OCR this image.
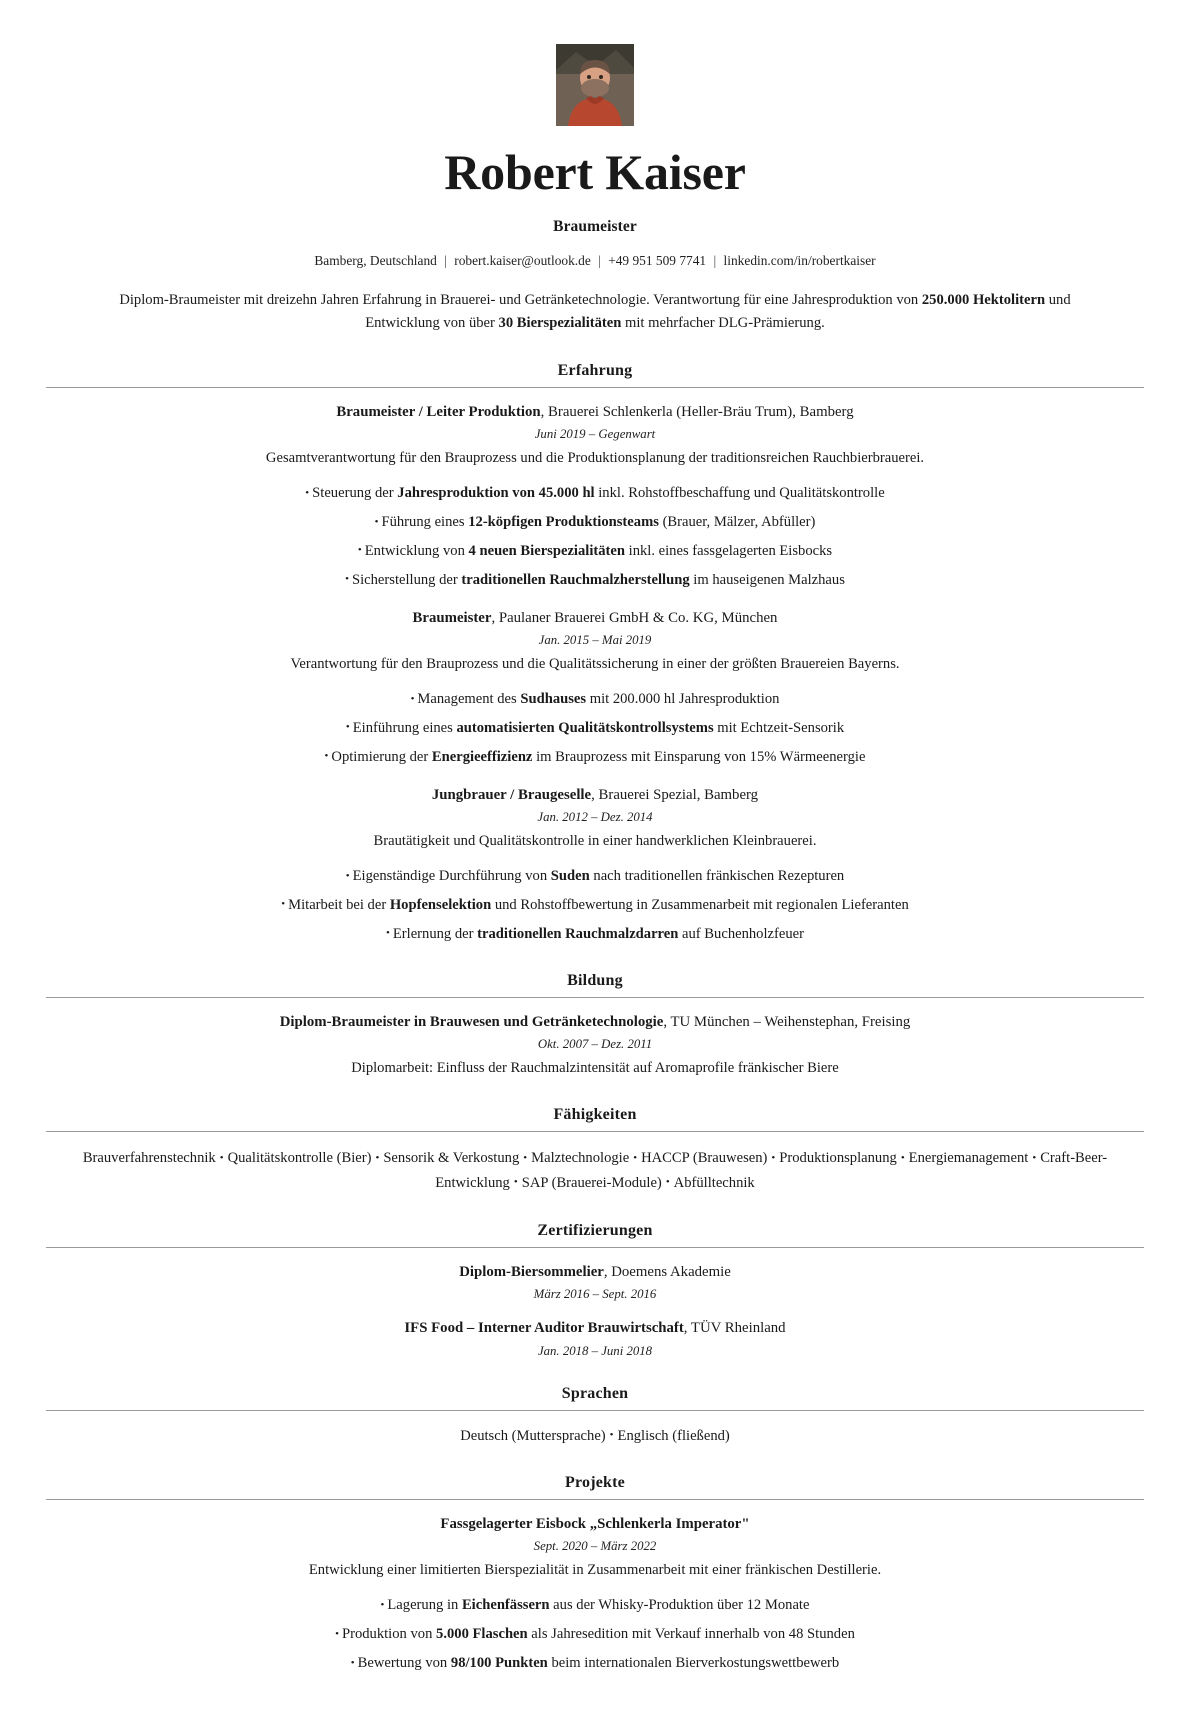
Robert Kaiser
Braumeister
Bamberg, Deutschland | robert.kaiser@outlook.de | +49 951 509 7741 | linkedin.com/in/robertkaiser

Diplom-Braumeister mit dreizehn Jahren Erfahrung in Brauerei- und Getränketechnologie. Verantwortung für eine Jahresproduktion von 250.000 Hektolitern und Entwicklung von über 30 Bierspezialitäten mit mehrfacher DLG-Prämierung.

Erfahrung
Braumeister / Leiter Produktion, Brauerei Schlenkerla (Heller-Bräu Trum), Bamberg
Juni 2019 – Gegenwart
Gesamtverantwortung für den Brauprozess und die Produktionsplanung der traditionsreichen Rauchbierbrauerei.
• Steuerung der Jahresproduktion von 45.000 hl inkl. Rohstoffbeschaffung und Qualitätskontrolle
• Führung eines 12-köpfigen Produktionsteams (Brauer, Mälzer, Abfüller)
• Entwicklung von 4 neuen Bierspezialitäten inkl. eines fassgelagerten Eisbocks
• Sicherstellung der traditionellen Rauchmalzherstellung im hauseigenen Malzhaus
Braumeister, Paulaner Brauerei GmbH & Co. KG, München
Jan. 2015 – Mai 2019
Verantwortung für den Brauprozess und die Qualitätssicherung in einer der größten Brauereien Bayerns.
• Management des Sudhauses mit 200.000 hl Jahresproduktion
• Einführung eines automatisierten Qualitätskontrollsystems mit Echtzeit-Sensorik
• Optimierung der Energieeffizienz im Brauprozess mit Einsparung von 15% Wärmeenergie
Jungbrauer / Braugeselle, Brauerei Spezial, Bamberg
Jan. 2012 – Dez. 2014
Brautätigkeit und Qualitätskontrolle in einer handwerklichen Kleinbrauerei.
• Eigenständige Durchführung von Suden nach traditionellen fränkischen Rezepturen
• Mitarbeit bei der Hopfenselektion und Rohstoffbewertung in Zusammenarbeit mit regionalen Lieferanten
• Erlernung der traditionellen Rauchmalzdarren auf Buchenholzfeuer
Bildung
Diplom-Braumeister in Brauwesen und Getränketechnologie, TU München – Weihenstephan, Freising
Okt. 2007 – Dez. 2011
Diplomarbeit: Einfluss der Rauchmalzintensität auf Aromaprofile fränkischer Biere
Fähigkeiten
Brauverfahrenstechnik • Qualitätskontrolle (Bier) • Sensorik & Verkostung • Malztechnologie • HACCP (Brauwesen) • Produktionsplanung • Energiemanagement • Craft-Beer-Entwicklung • SAP (Brauerei-Module) • Abfülltechnik
Zertifizierungen
Diplom-Biersommelier, Doemens Akademie
März 2016 – Sept. 2016
IFS Food – Interner Auditor Brauwirtschaft, TÜV Rheinland
Jan. 2018 – Juni 2018
Sprachen
Deutsch (Muttersprache) • Englisch (fließend)
Projekte
Fassgelagerter Eisbock „Schlenkerla Imperator"
Sept. 2020 – März 2022
Entwicklung einer limitierten Bierspezialität in Zusammenarbeit mit einer fränkischen Destillerie.
• Lagerung in Eichenfässern aus der Whisky-Produktion über 12 Monate
• Produktion von 5.000 Flaschen als Jahresedition mit Verkauf innerhalb von 48 Stunden
• Bewertung von 98/100 Punkten beim internationalen Bierverkostungswettbewerb
